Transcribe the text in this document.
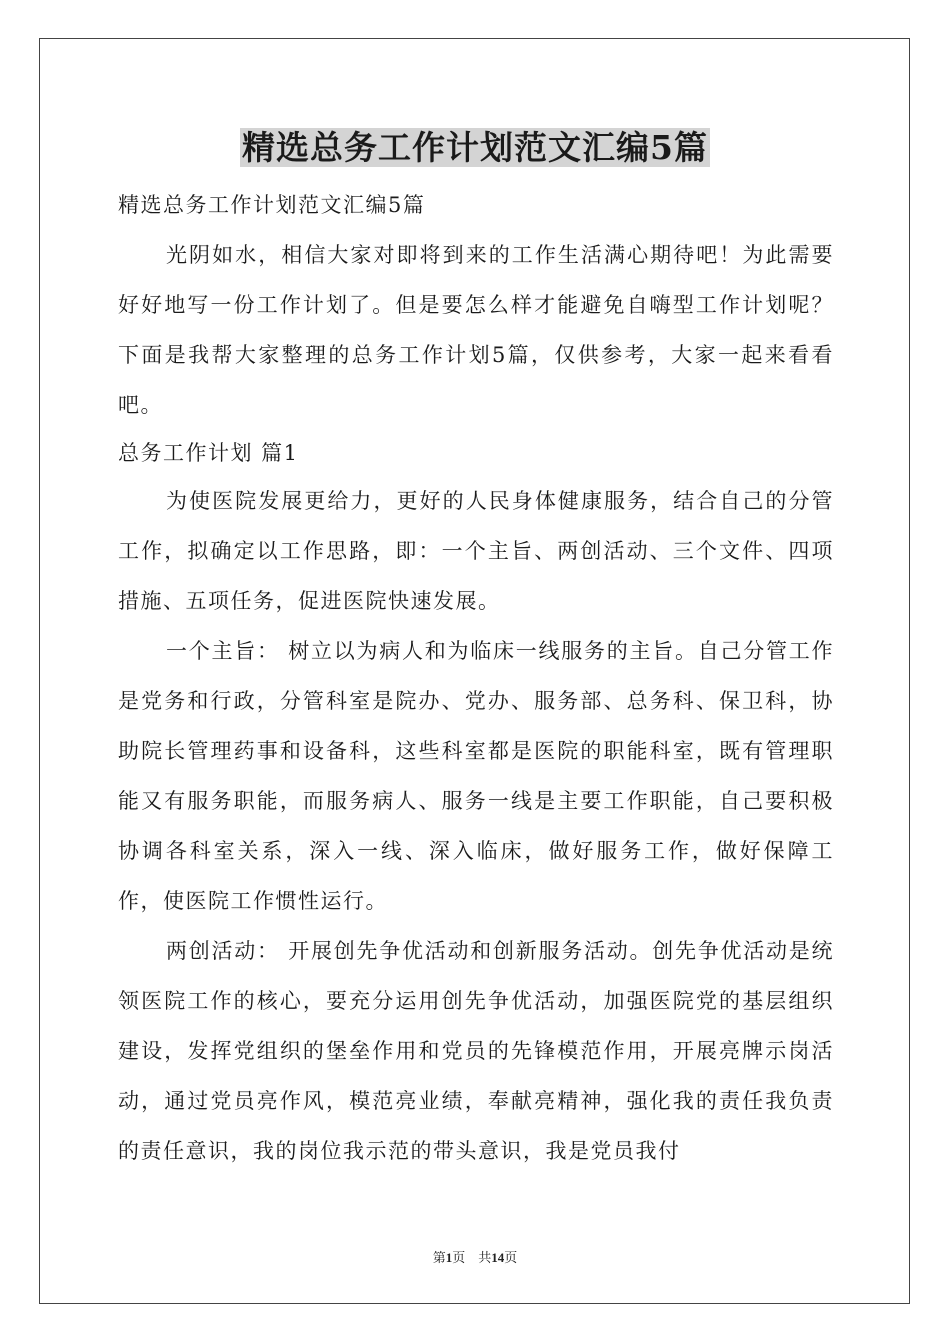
精选总务工作计划范文汇编5篇

精选总务工作计划范文汇编5篇

光阴如水，相信大家对即将到来的工作生活满心期待吧！为此需要好好地写一份工作计划了。但是要怎么样才能避免自嗨型工作计划呢？下面是我帮大家整理的总务工作计划5篇，仅供参考，大家一起来看看吧。

总务工作计划 篇1

为使医院发展更给力，更好的人民身体健康服务，结合自己的分管工作，拟确定以工作思路，即：一个主旨、两创活动、三个文件、四项措施、五项任务，促进医院快速发展。

一个主旨： 树立以为病人和为临床一线服务的主旨。自己分管工作是党务和行政，分管科室是院办、党办、服务部、总务科、保卫科，协助院长管理药事和设备科，这些科室都是医院的职能科室，既有管理职能又有服务职能，而服务病人、服务一线是主要工作职能，自己要积极协调各科室关系，深入一线、深入临床，做好服务工作，做好保障工作，使医院工作惯性运行。

两创活动： 开展创先争优活动和创新服务活动。创先争优活动是统领医院工作的核心，要充分运用创先争优活动，加强医院党的基层组织建设，发挥党组织的堡垒作用和党员的先锋模范作用，开展亮牌示岗活动，通过党员亮作风，模范亮业绩，奉献亮精神，强化我的责任我负责的责任意识，我的岗位我示范的带头意识，我是党员我付

第1页　共14页
